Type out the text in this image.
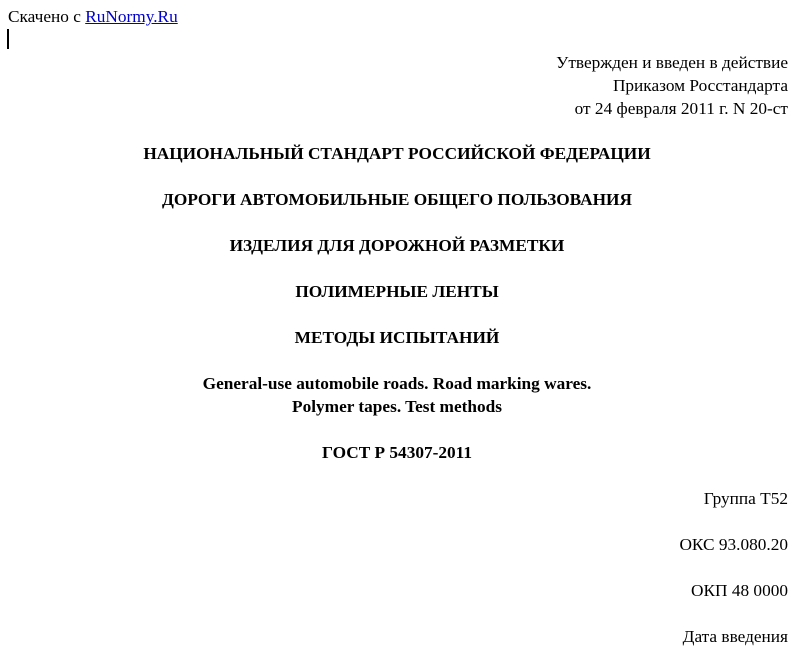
Скачено с RuNormy.Ru
Утвержден и введен в действие
Приказом Росстандарта
от 24 февраля 2011 г. N 20-ст
НАЦИОНАЛЬНЫЙ СТАНДАРТ РОССИЙСКОЙ ФЕДЕРАЦИИ
ДОРОГИ АВТОМОБИЛЬНЫЕ ОБЩЕГО ПОЛЬЗОВАНИЯ
ИЗДЕЛИЯ ДЛЯ ДОРОЖНОЙ РАЗМЕТКИ
ПОЛИМЕРНЫЕ ЛЕНТЫ
МЕТОДЫ ИСПЫТАНИЙ
General-use automobile roads. Road marking wares.
Polymer tapes. Test methods
ГОСТ Р 54307-2011
Группа Т52
ОКС 93.080.20
ОКП 48 0000
Дата введения
